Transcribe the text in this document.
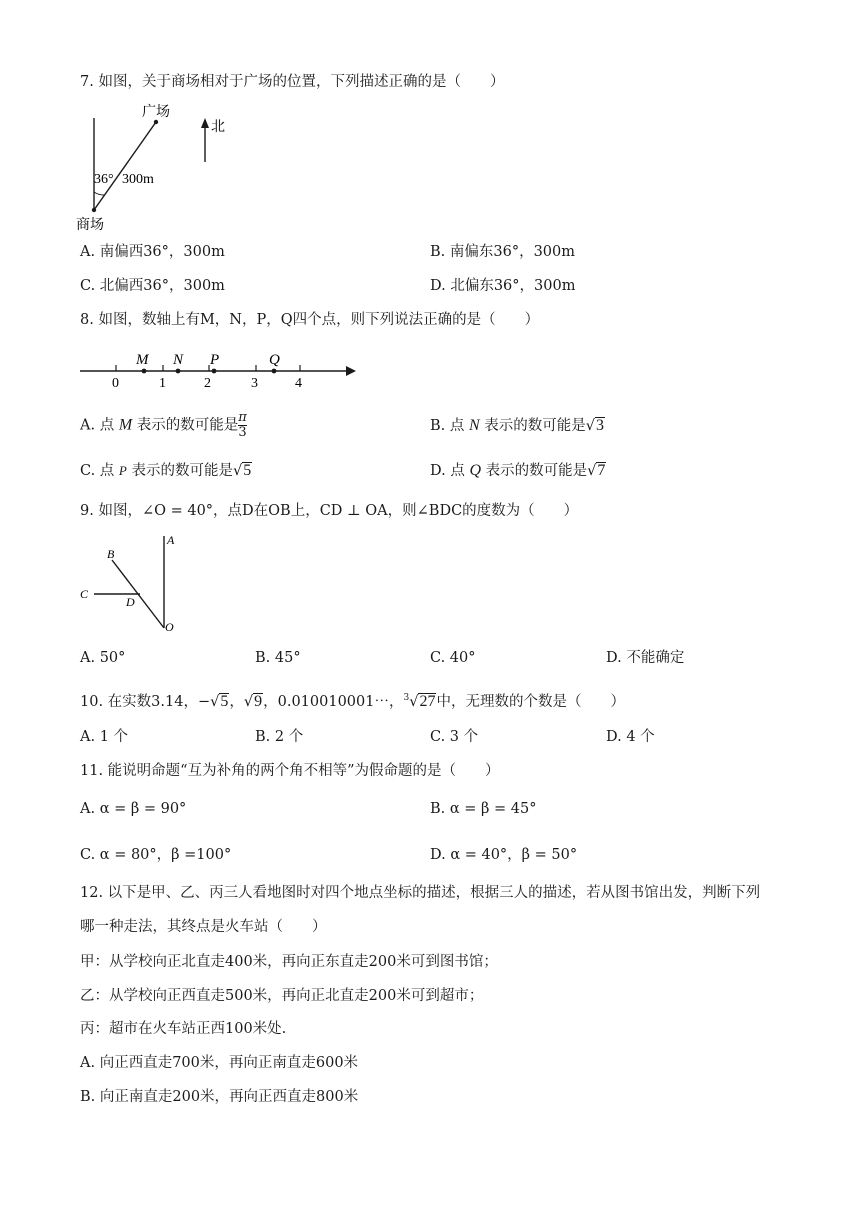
7. 如图，关于商场相对于广场的位置，下列描述正确的是（　　）
广场
商场
36° 300m
北
A. 南偏西36°，300m	B. 南偏东36°，300m
C. 北偏西36°，300m	D. 北偏东36°，300m
8. 如图，数轴上有M，N，P，Q四个点，则下列说法正确的是（　　）
M N P	Q
0	1	2	3	4
A. 点 M 表示的数可能是 $\frac{\pi}{3}$	B. 点 N 表示的数可能是√3
C. 点 P 表示的数可能是√5	D. 点 Q 表示的数可能是√7
9. 如图，∠O = 40°，点D在OB上，CD ⊥ OA，则∠BDC的度数为（　　）
A
B
C
D
O
A. 50°	B. 45°	C. 40°	D. 不能确定
10. 在实数3.14，−√5，√9，0.010010001⋯，$^3$√27中，无理数的个数是（　　）
A. 1 个	B. 2 个	C. 3 个	D. 4 个
11. 能说明命题“互为补角的两个角不相等”为假命题的是（　　）
A. α = β = 90°	B. α = β = 45°
C. α = 80°，β =100°	D. α = 40°，β = 50°
12. 以下是甲、乙、丙三人看地图时对四个地点坐标的描述，根据三人的描述，若从图书馆出发，判断下列
哪一种走法，其终点是火车站（　　）
甲：从学校向正北直走400米，再向正东直走200米可到图书馆；
乙：从学校向正西直走500米，再向正北直走200米可到超市；
丙：超市在火车站正西100米处.
A. 向正西直走700米，再向正南直走600米
B. 向正南直走200米，再向正西直走800米
